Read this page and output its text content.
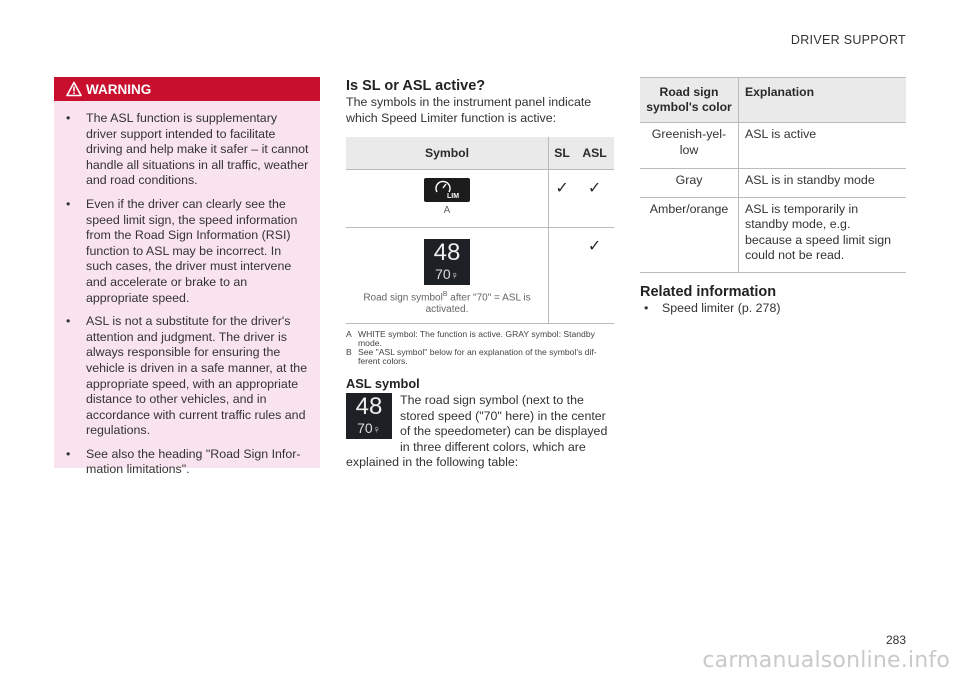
DRIVER SUPPORT
WARNING
• The ASL function is supplementary driver support intended to facilitate driving and help make it safer – it cannot handle all situations in all traffic, weather and road conditions.
• Even if the driver can clearly see the speed limit sign, the speed information from the Road Sign Information (RSI) function to ASL may be incorrect. In such cases, the driver must intervene and accelerate or brake to an appropriate speed.
• ASL is not a substitute for the driver's attention and judgment. The driver is always responsible for ensuring the vehicle is driven in a safe manner, at the appropriate speed, with an appropriate distance to other vehicles, and in accordance with current traffic rules and regulations.
• See also the heading "Road Sign Information limitations".
Is SL or ASL active?

The symbols in the instrument panel indicate which Speed Limiter function is active:

Symbol	SL	ASL

LIM
A	✓	✓

48
70♀
Road sign symbol$^B$ after "70" = ASL is activated.		✓
A WHITE symbol: The function is active. GRAY symbol: Standby mode.
B See "ASL symbol" below for an explanation of the symbol's different colors.
ASL symbol
48
70♀
The road sign symbol (next to the stored speed ("70" here) in the center of the speedometer) can be displayed in three different colors, which are
explained in the following table:
Road sign symbol's color	Explanation
Greenish-yellow	ASL is active
Gray	ASL is in standby mode
Amber/orange	ASL is temporarily in standby mode, e.g. because a speed limit sign could not be read.
Related information
• Speed limiter (p. 278)
283
carmanualsonline.info
